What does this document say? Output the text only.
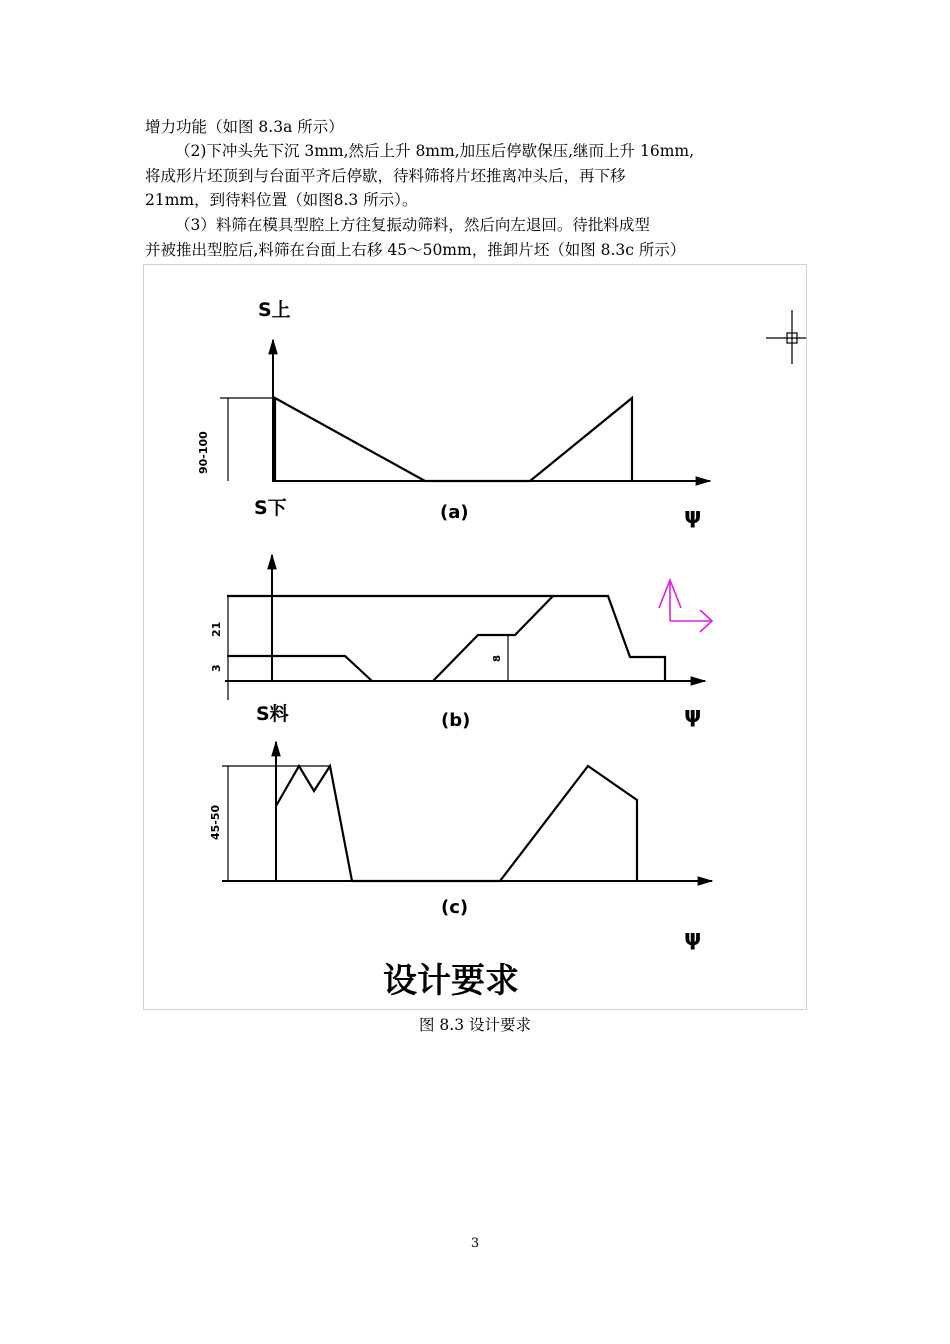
增力功能（如图 8.3a 所示）
（2)下冲头先下沉 3mm,然后上升 8mm,加压后停歇保压,继而上升 16mm,
将成形片坯顶到与台面平齐后停歇，待料筛将片坯推离冲头后，再下移
21mm，到待料位置（如图8.3 所示）。
（3）料筛在模具型腔上方往复振动筛料，然后向左退回。待批料成型
并被推出型腔后,料筛在台面上右移 45～50mm，推卸片坯（如图 8.3c 所示）
S上
90-100
(a)	ψ
S下
21
3
8
(b)	ψ
S料
45-50
(c)
ψ
设计要求
图 8.3 设计要求
3
